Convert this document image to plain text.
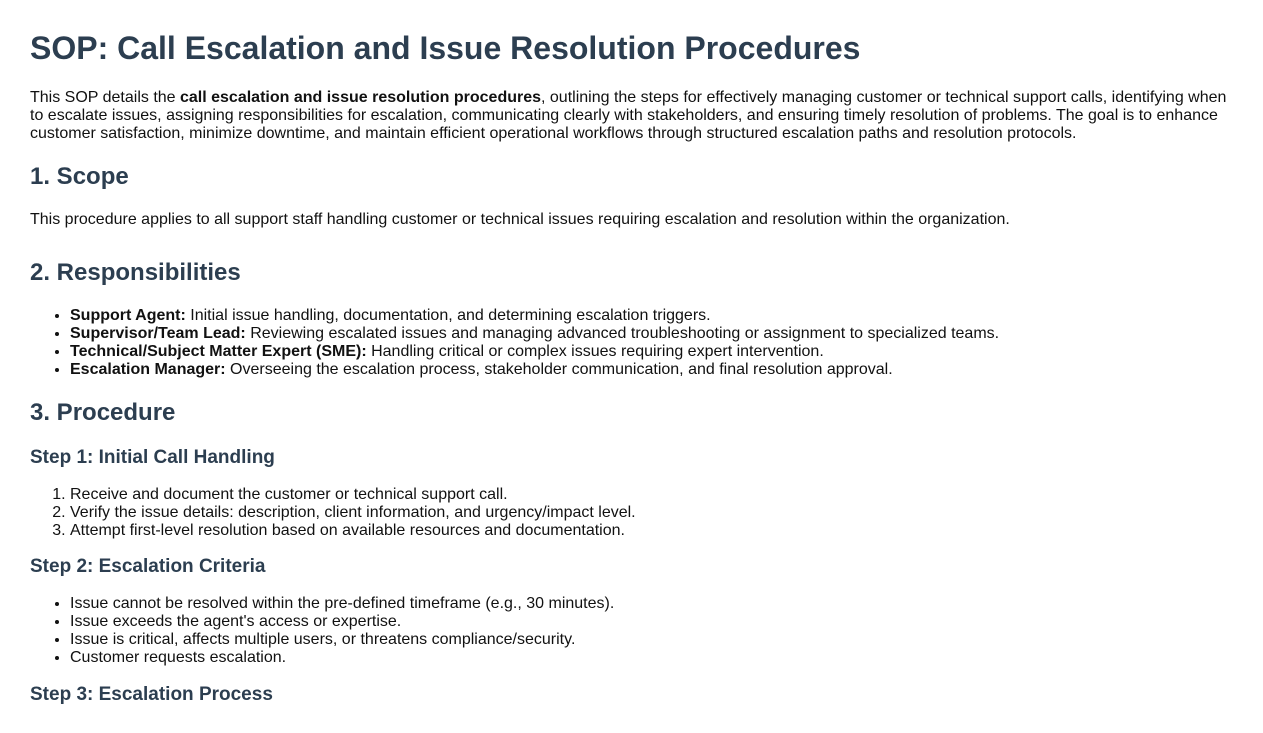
SOP: Call Escalation and Issue Resolution Procedures

This SOP details the call escalation and issue resolution procedures, outlining the steps for effectively managing customer or technical support calls, identifying when to escalate issues, assigning responsibilities for escalation, communicating clearly with stakeholders, and ensuring timely resolution of problems. The goal is to enhance customer satisfaction, minimize downtime, and maintain efficient operational workflows through structured escalation paths and resolution protocols.

1. Scope

This procedure applies to all support staff handling customer or technical issues requiring escalation and resolution within the organization.

2. Responsibilities
• Support Agent: Initial issue handling, documentation, and determining escalation triggers.
• Supervisor/Team Lead: Reviewing escalated issues and managing advanced troubleshooting or assignment to specialized teams.
• Technical/Subject Matter Expert (SME): Handling critical or complex issues requiring expert intervention.
• Escalation Manager: Overseeing the escalation process, stakeholder communication, and final resolution approval.
3. Procedure
Step 1: Initial Call Handling
1. Receive and document the customer or technical support call.
2. Verify the issue details: description, client information, and urgency/impact level.
3. Attempt first-level resolution based on available resources and documentation.
Step 2: Escalation Criteria
• Issue cannot be resolved within the pre-defined timeframe (e.g., 30 minutes).
• Issue exceeds the agent's access or expertise.
• Issue is critical, affects multiple users, or threatens compliance/security.
• Customer requests escalation.
Step 3: Escalation Process
